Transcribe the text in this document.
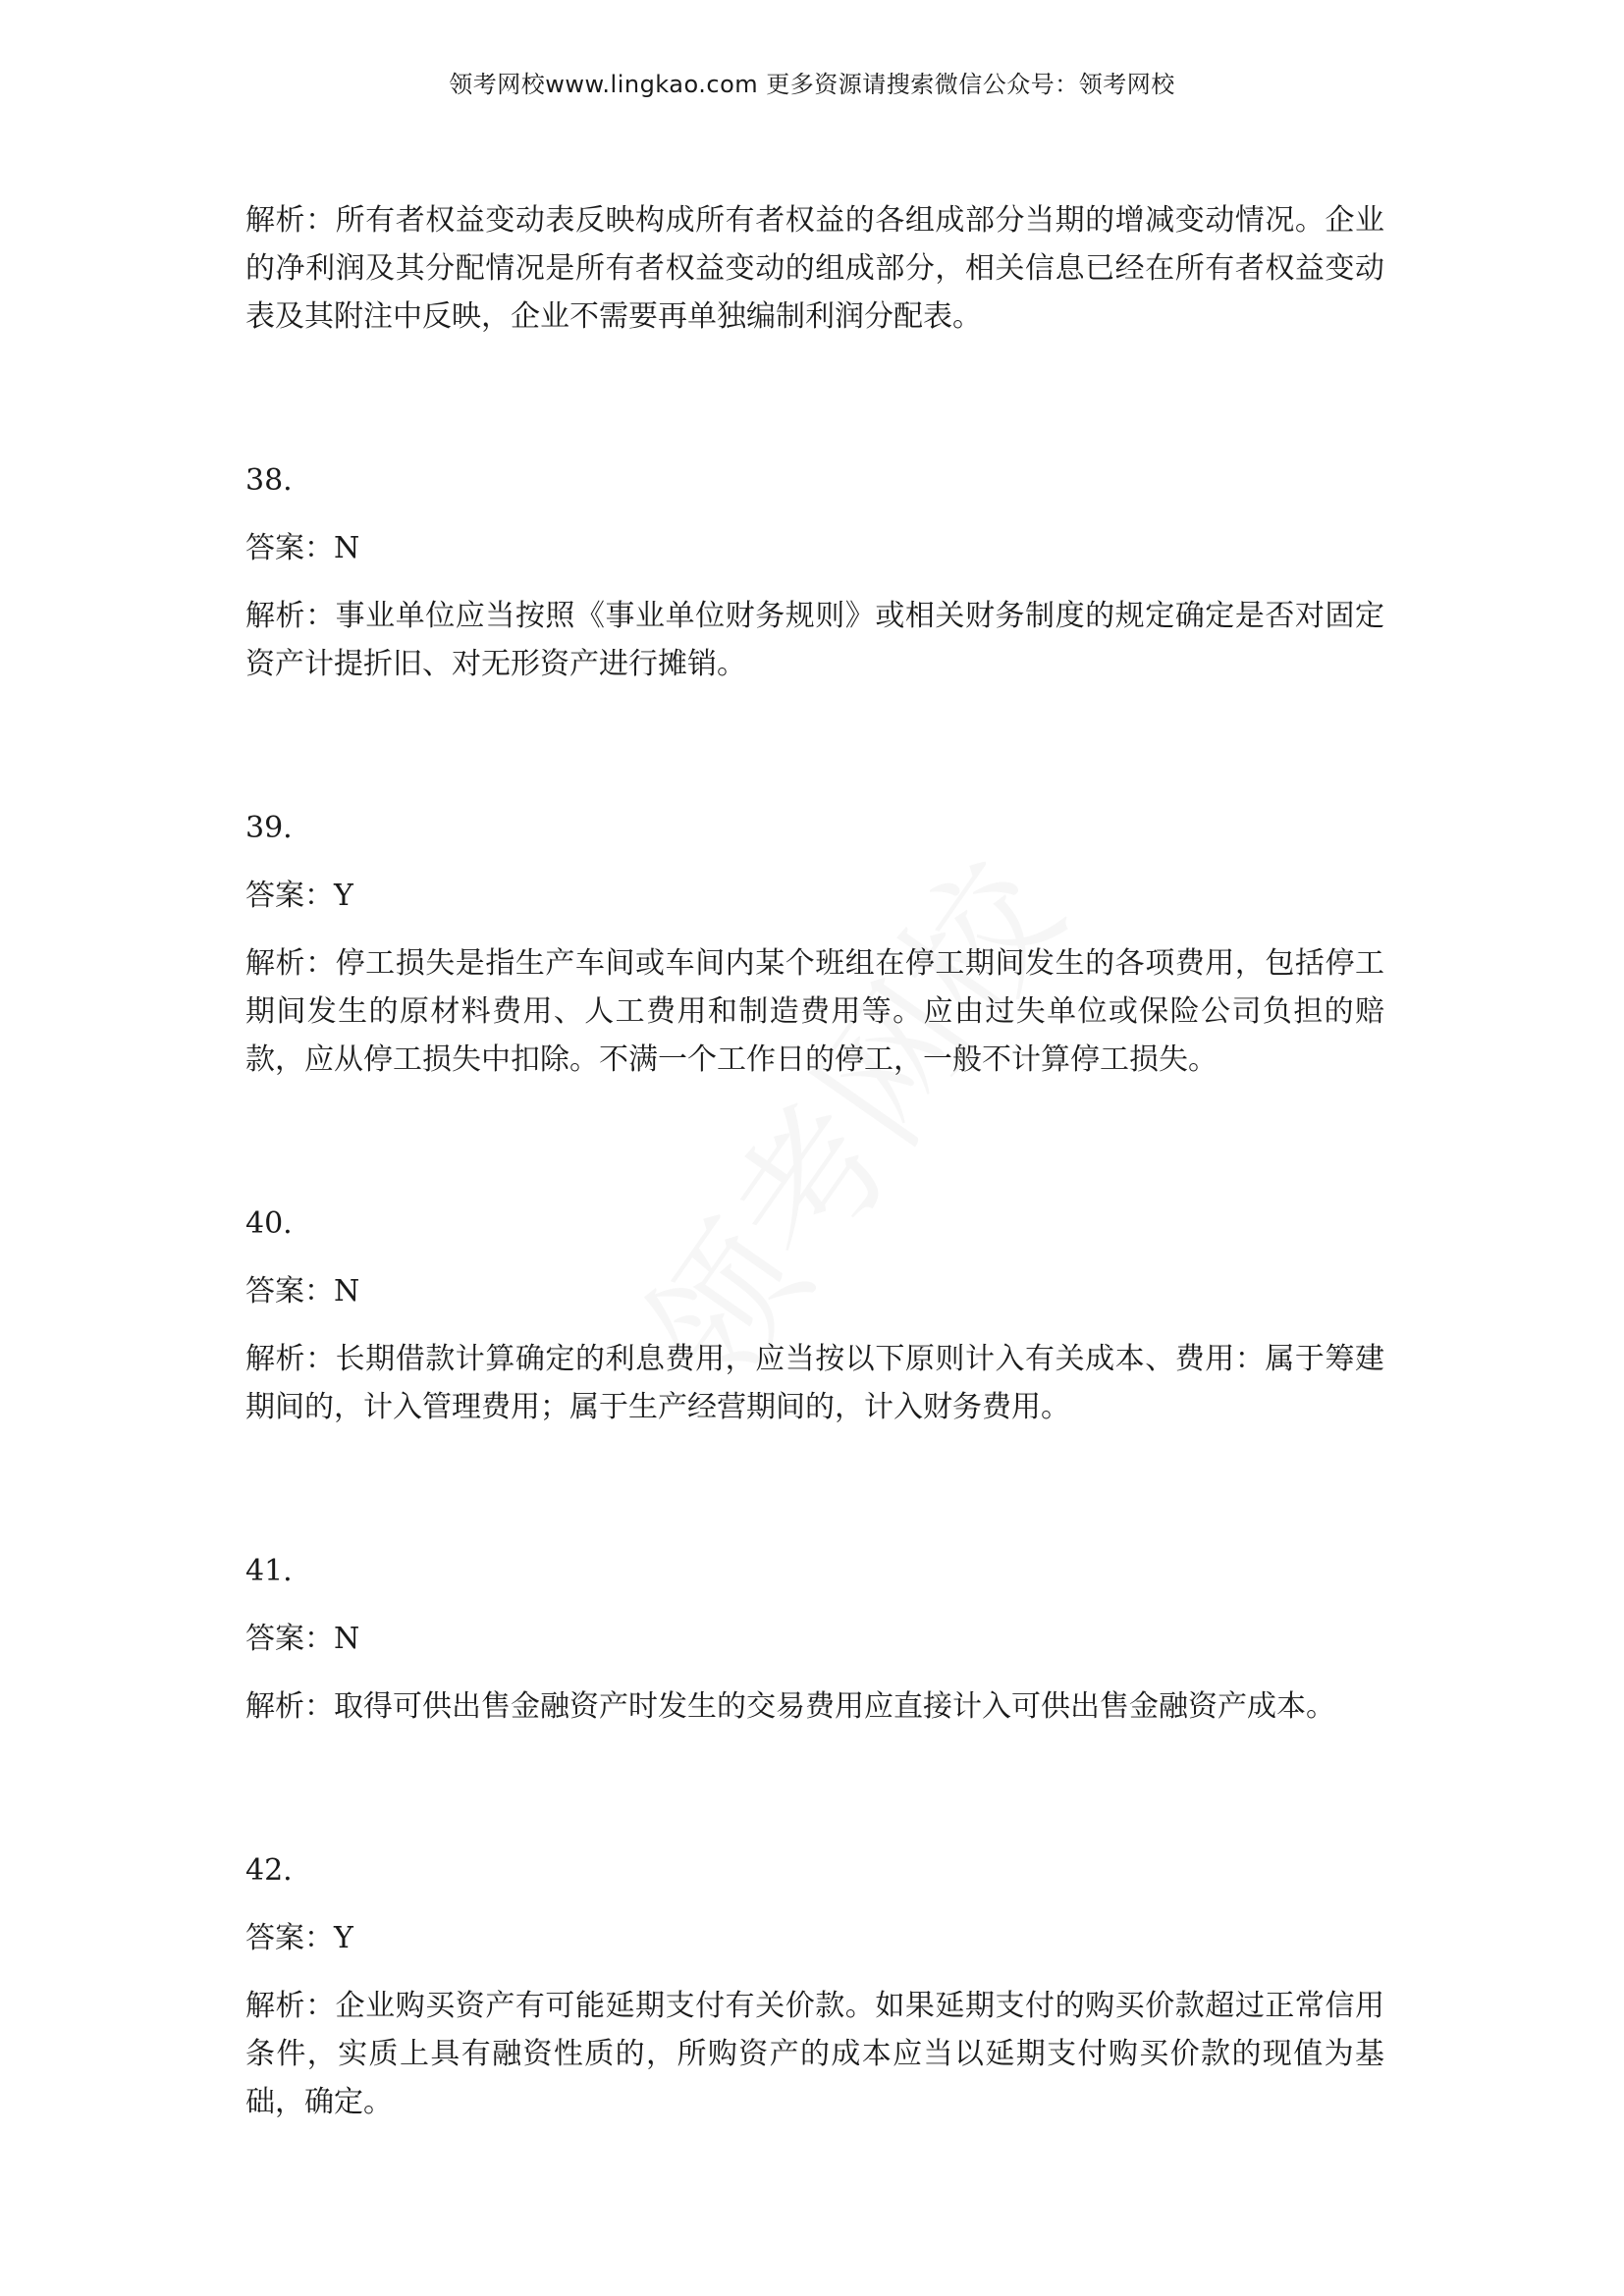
领考网校www.lingkao.com 更多资源请搜索微信公众号：领考网校

解析：所有者权益变动表反映构成所有者权益的各组成部分当期的增减变动情况。企业的净利润及其分配情况是所有者权益变动的组成部分，相关信息已经在所有者权益变动表及其附注中反映，企业不需要再单独编制利润分配表。

38.

答案：N

解析：事业单位应当按照《事业单位财务规则》或相关财务制度的规定确定是否对固定资产计提折旧、对无形资产进行摊销。

39.

答案：Y

解析：停工损失是指生产车间或车间内某个班组在停工期间发生的各项费用，包括停工期间发生的原材料费用、人工费用和制造费用等。应由过失单位或保险公司负担的赔款，应从停工损失中扣除。不满一个工作日的停工，一般不计算停工损失。

40.

答案：N

解析：长期借款计算确定的利息费用，应当按以下原则计入有关成本、费用：属于筹建期间的，计入管理费用；属于生产经营期间的，计入财务费用。

41.

答案：N

解析：取得可供出售金融资产时发生的交易费用应直接计入可供出售金融资产成本。

42.

答案：Y

解析：企业购买资产有可能延期支付有关价款。如果延期支付的购买价款超过正常信用条件，实质上具有融资性质的，所购资产的成本应当以延期支付购买价款的现值为基础，确定。
